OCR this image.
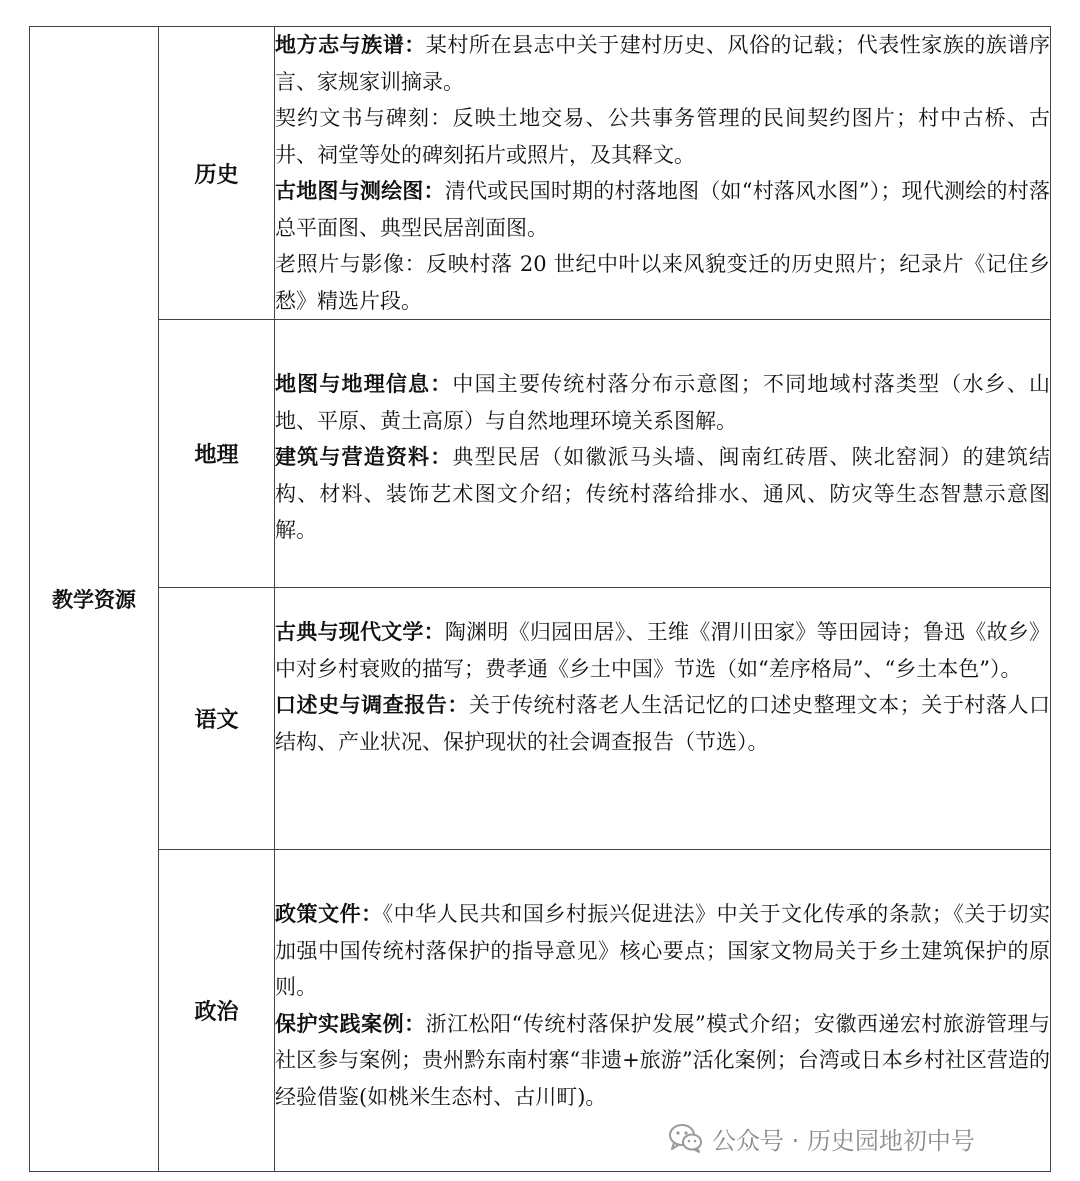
教学资源	历史	地方志与族谱：某村所在县志中关于建村历史、风俗的记载；代表性家族的族谱序言、家规家训摘录。

契约文书与碑刻：反映土地交易、公共事务管理的民间契约图片；村中古桥、古井、祠堂等处的碑刻拓片或照片，及其释文。

古地图与测绘图：清代或民国时期的村落地图（如“村落风水图”）；现代测绘的村落总平面图、典型民居剖面图。

老照片与影像：反映村落 20 世纪中叶以来风貌变迁的历史照片；纪录片《记住乡愁》精选片段。

	地理	地图与地理信息：中国主要传统村落分布示意图；不同地域村落类型（水乡、山地、平原、黄土高原）与自然地理环境关系图解。

建筑与营造资料：典型民居（如徽派马头墙、闽南红砖厝、陕北窑洞）的建筑结构、材料、装饰艺术图文介绍；传统村落给排水、通风、防灾等生态智慧示意图解。

	语文	古典与现代文学：陶渊明《归园田居》、王维《渭川田家》等田园诗；鲁迅《故乡》中对乡村衰败的描写；费孝通《乡土中国》节选（如“差序格局”、“乡土本色”）。

口述史与调查报告：关于传统村落老人生活记忆的口述史整理文本；关于村落人口结构、产业状况、保护现状的社会调查报告（节选）。

	政治	政策文件：《中华人民共和国乡村振兴促进法》中关于文化传承的条款；《关于切实加强中国传统村落保护的指导意见》核心要点；国家文物局关于乡土建筑保护的原则。

保护实践案例：浙江松阳“传统村落保护发展”模式介绍；安徽西递宏村旅游管理与社区参与案例；贵州黔东南村寨“非遗+旅游”活化案例；台湾或日本乡村社区营造的经验借鉴(如桃米生态村、古川町)。

公众号 · 历史园地初中号
